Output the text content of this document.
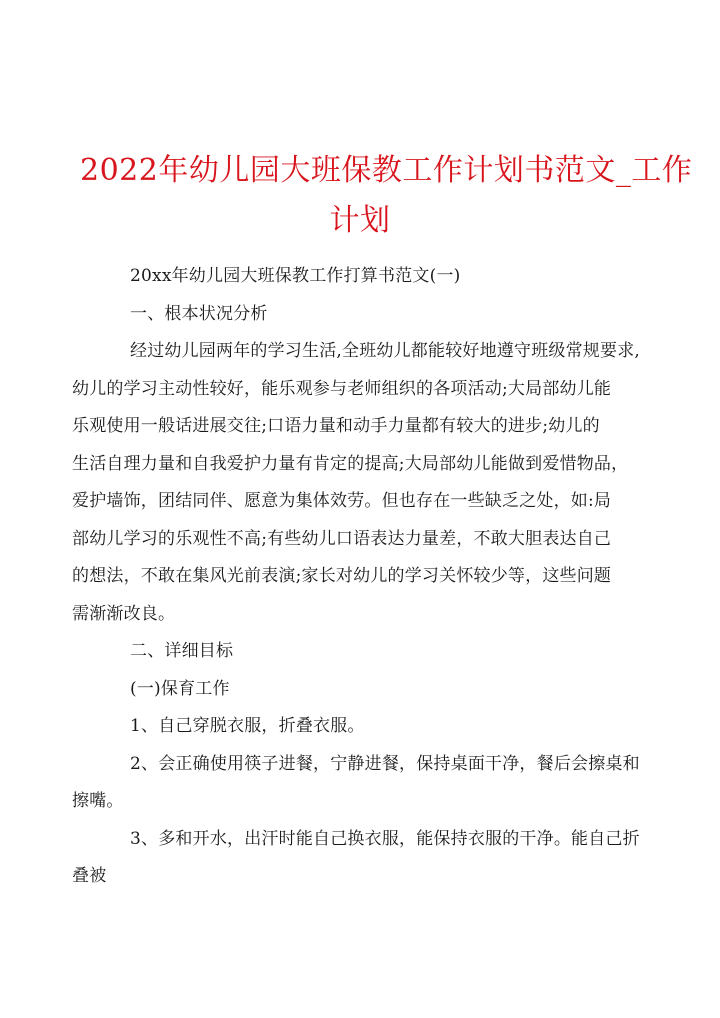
2022年幼儿园大班保教工作计划书范文_工作
计划
20xx年幼儿园大班保教工作打算书范文(一)
一、根本状况分析
经过幼儿园两年的学习生活,全班幼儿都能较好地遵守班级常规要求,
幼儿的学习主动性较好，能乐观参与老师组织的各项活动;大局部幼儿能
乐观使用一般话进展交往;口语力量和动手力量都有较大的进步;幼儿的
生活自理力量和自我爱护力量有肯定的提高;大局部幼儿能做到爱惜物品，
爱护墙饰，团结同伴、愿意为集体效劳。但也存在一些缺乏之处，如:局
部幼儿学习的乐观性不高;有些幼儿口语表达力量差，不敢大胆表达自己
的想法，不敢在集风光前表演;家长对幼儿的学习关怀较少等，这些问题
需渐渐改良。
二、详细目标
(一)保育工作
1、自己穿脱衣服，折叠衣服。
2、会正确使用筷子进餐，宁静进餐，保持桌面干净，餐后会擦桌和
擦嘴。
3、多和开水，出汗时能自己换衣服，能保持衣服的干净。能自己折
叠被
